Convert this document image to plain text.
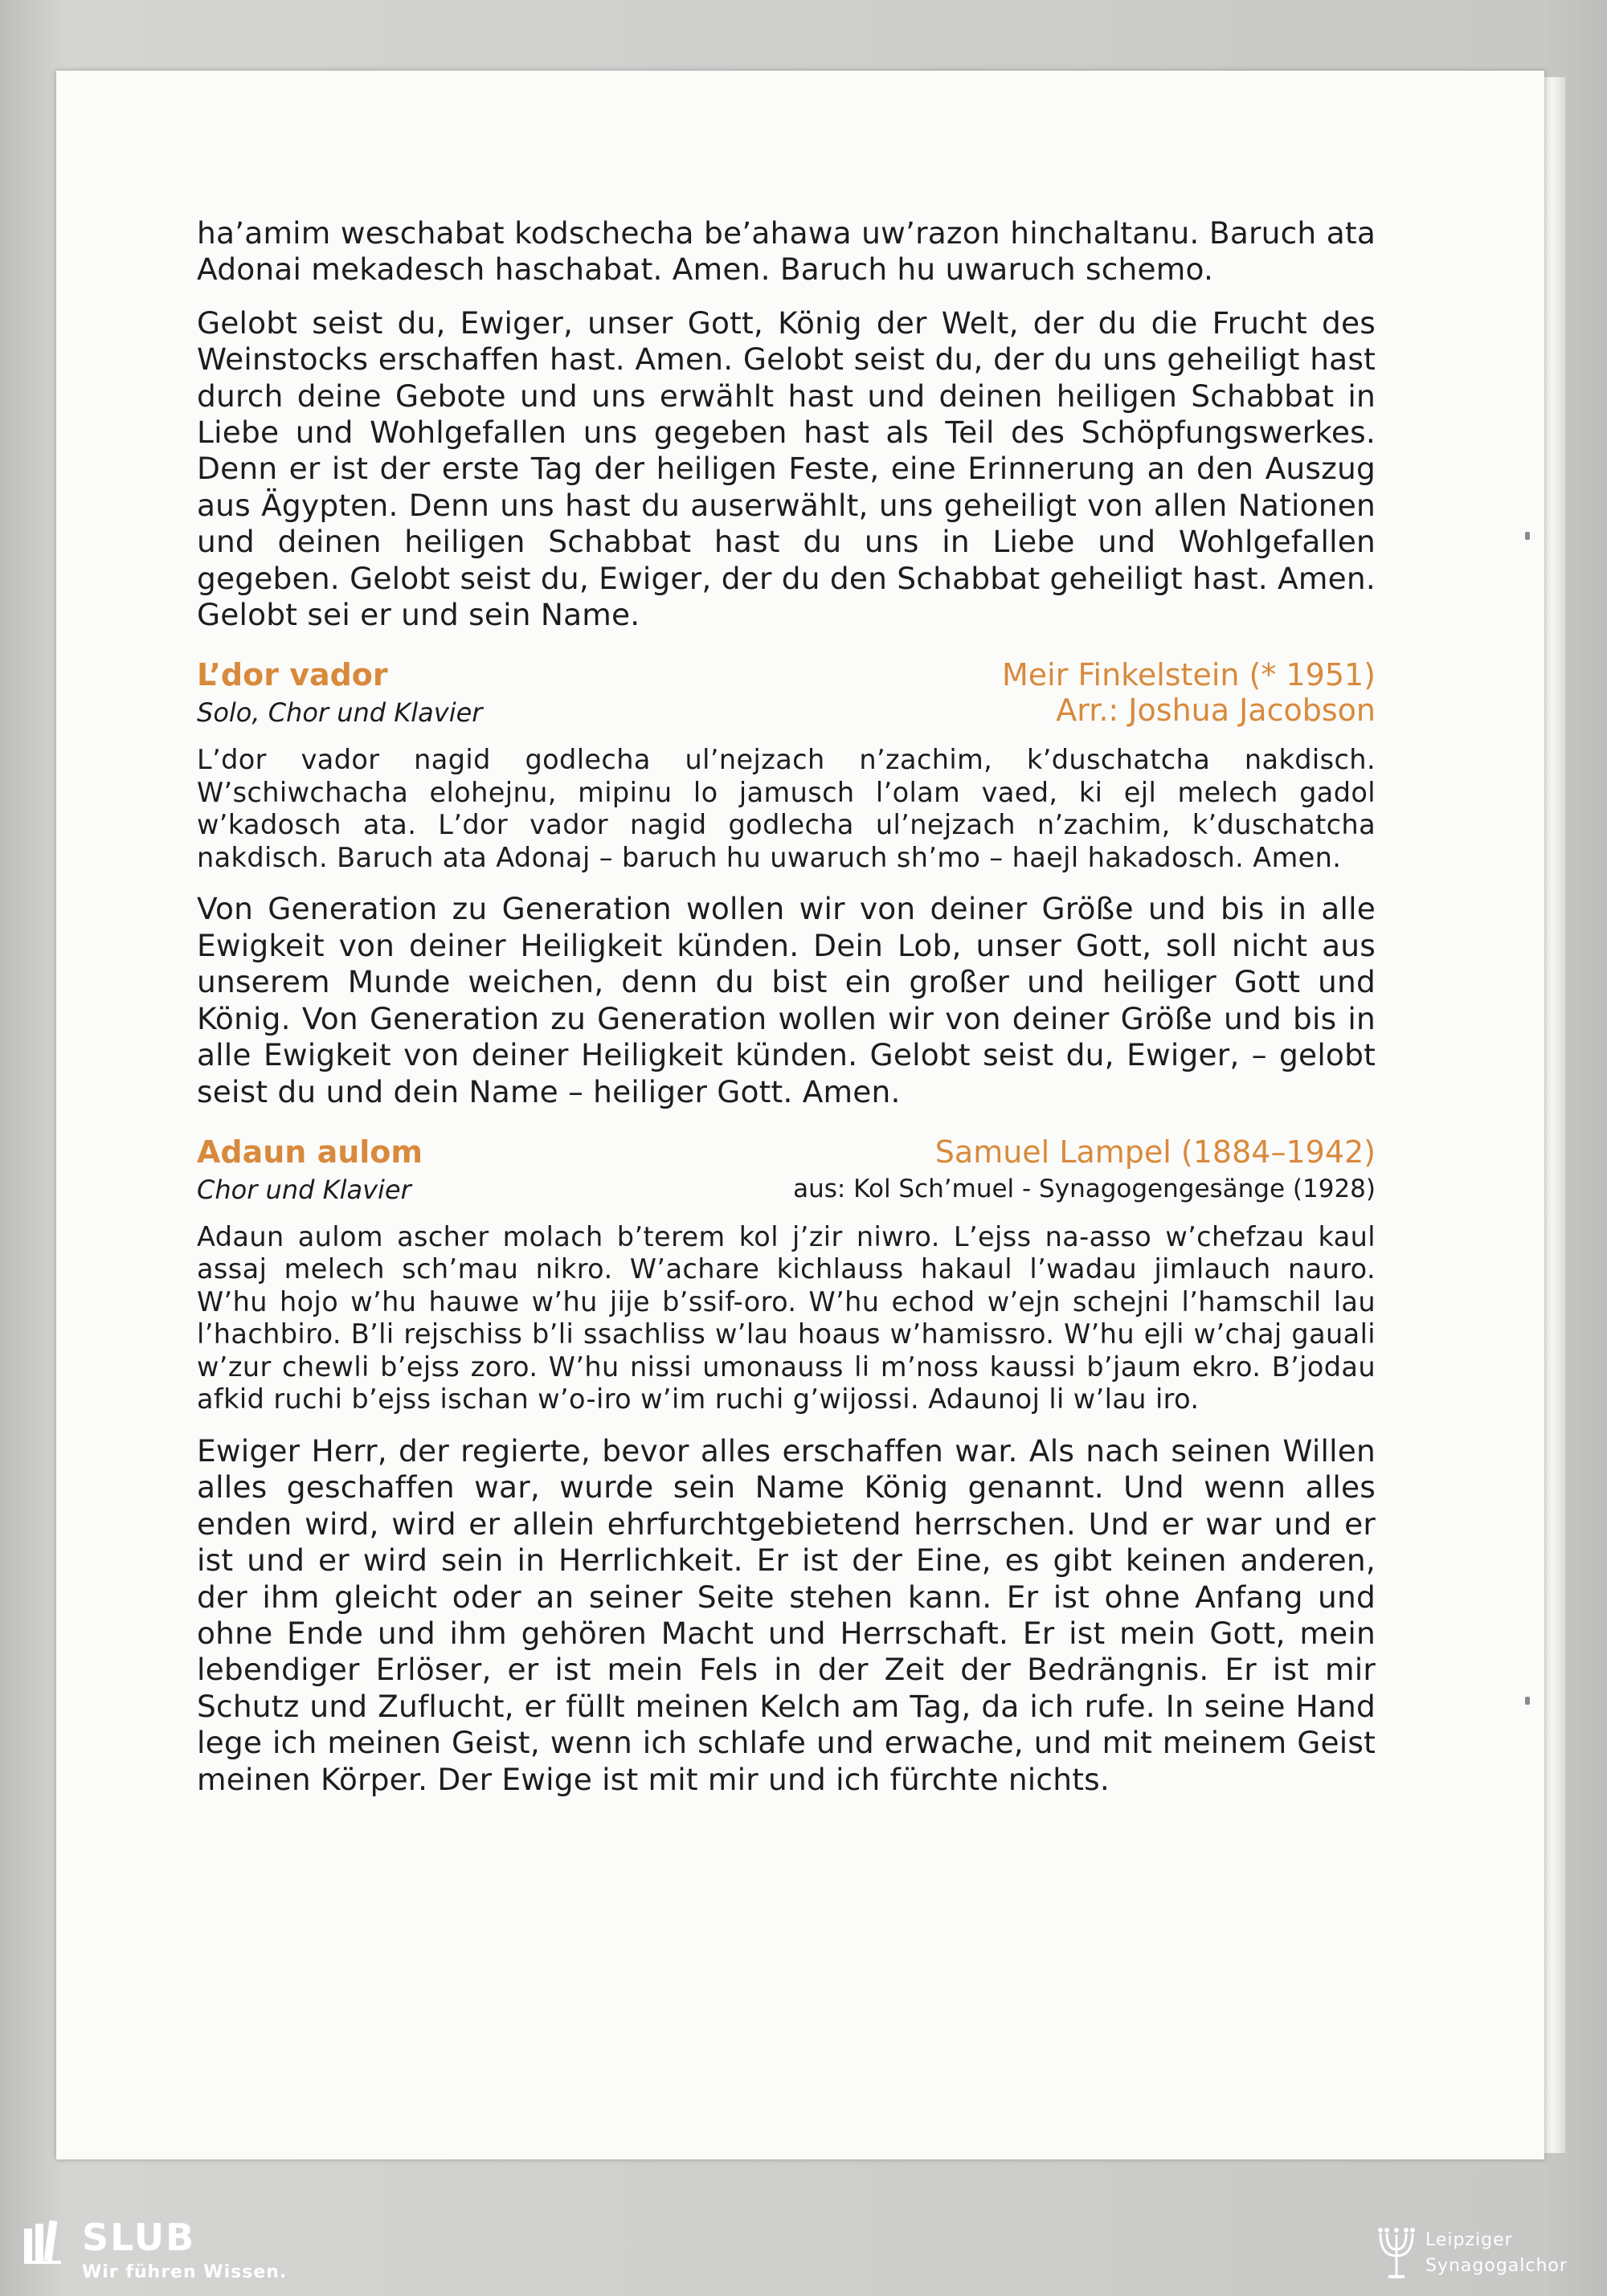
ha’amim weschabat kodschecha be’ahawa uw’razon hinchaltanu. Baruch ata Adonai mekadesch haschabat. Amen. Baruch hu uwaruch schemo.

Gelobt seist du, Ewiger, unser Gott, König der Welt, der du die Frucht des Weinstocks erschaffen hast. Amen. Gelobt seist du, der du uns geheiligt hast durch deine Gebote und uns erwählt hast und deinen heiligen Schabbat in Liebe und Wohlgefallen uns gegeben hast als Teil des Schöpfungswerkes. Denn er ist der erste Tag der heiligen Feste, eine Erinnerung an den Auszug aus Ägypten. Denn uns hast du auserwählt, uns geheiligt von allen Nationen und deinen heiligen Schabbat hast du uns in Liebe und Wohlgefallen gegeben. Gelobt seist du, Ewiger, der du den Schabbat geheiligt hast. Amen. Gelobt sei er und sein Name.

L’dor vador
Solo, Chor und Klavier
Meir Finkelstein (* 1951)
Arr.: Joshua Jacobson

L’dor vador nagid godlecha ul’nejzach n’zachim, k’duschatcha nakdisch. W’schiwchacha elohejnu, mipinu lo jamusch l’olam vaed, ki ejl melech gadol w’kadosch ata. L’dor vador nagid godlecha ul’nejzach n’zachim, k’duschatcha nakdisch. Baruch ata Adonaj – baruch hu uwaruch sh’mo – haejl hakadosch. Amen.

Von Generation zu Generation wollen wir von deiner Größe und bis in alle Ewigkeit von deiner Heiligkeit künden. Dein Lob, unser Gott, soll nicht aus unserem Munde weichen, denn du bist ein großer und heiliger Gott und König. Von Generation zu Generation wollen wir von deiner Größe und bis in alle Ewigkeit von deiner Heiligkeit künden. Gelobt seist du, Ewiger, – gelobt seist du und dein Name – heiliger Gott. Amen.

Adaun aulom
Chor und Klavier
Samuel Lampel (1884–1942)
aus: Kol Sch’muel - Synagogengesänge (1928)

Adaun aulom ascher molach b’terem kol j’zir niwro. L’ejss na-asso w’chefzau kaul assaj melech sch’mau nikro. W’achare kichlauss hakaul l’wadau jimlauch nauro. W’hu hojo w’hu hauwe w’hu jije b’ssif-oro. W’hu echod w’ejn schejni l’hamschil lau l’hachbiro. B’li rejschiss b’li ssachliss w’lau hoaus w’hamissro. W’hu ejli w’chaj gauali w’zur chewli b’ejss zoro. W’hu nissi umonauss li m’noss kaussi b’jaum ekro. B’jodau afkid ruchi b’ejss ischan w’o-iro w’im ruchi g’wijossi. Adaunoj li w’lau iro.

Ewiger Herr, der regierte, bevor alles erschaffen war. Als nach seinen Willen alles geschaffen war, wurde sein Name König genannt. Und wenn alles enden wird, wird er allein ehrfurchtgebietend herrschen. Und er war und er ist und er wird sein in Herrlichkeit. Er ist der Eine, es gibt keinen anderen, der ihm gleicht oder an seiner Seite stehen kann. Er ist ohne Anfang und ohne Ende und ihm gehören Macht und Herrschaft. Er ist mein Gott, mein lebendiger Erlöser, er ist mein Fels in der Zeit der Bedrängnis. Er ist mir Schutz und Zuflucht, er füllt meinen Kelch am Tag, da ich rufe. In seine Hand lege ich meinen Geist, wenn ich schlafe und erwache, und mit meinem Geist meinen Körper. Der Ewige ist mit mir und ich fürchte nichts.

SLUB
Wir führen Wissen.
Leipziger
Synagogalchor
